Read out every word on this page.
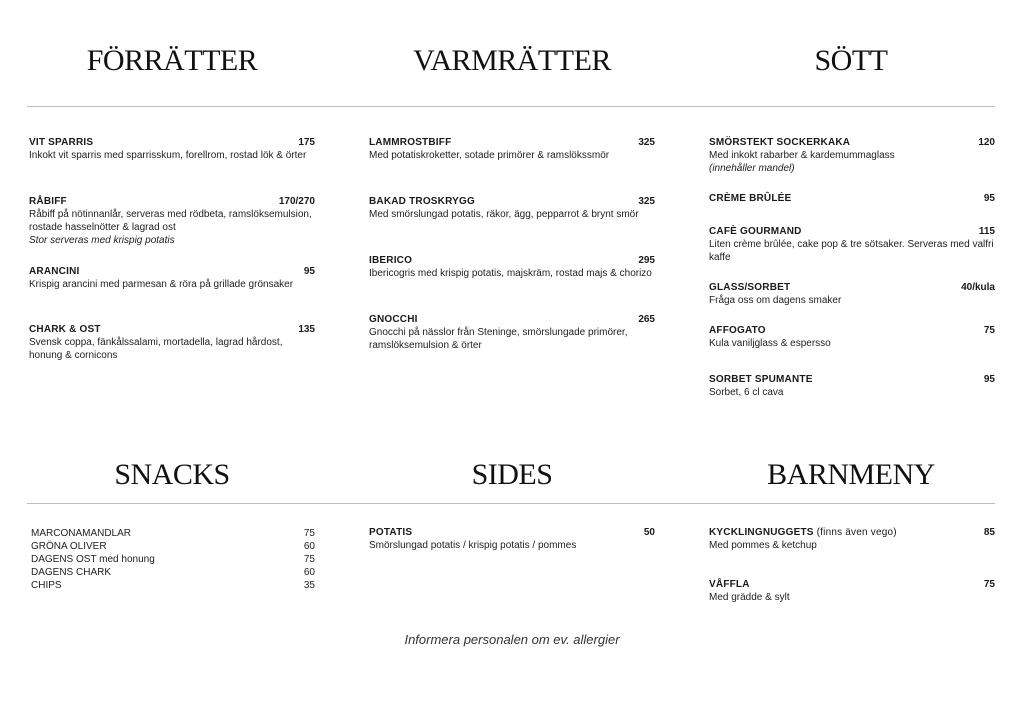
FÖRRÄTTER	VARMRÄTTER	SÖTT
VIT SPARRIS	175
Inkokt vit sparris med sparrisskum, forellrom, rostad lök & örter
RÅBIFF	170/270
Råbiff på nötinnanlår, serveras med rödbeta, ramslöksemulsion, rostade hasselnötter & lagrad ost
Stor serveras med krispig potatis
ARANCINI	95
Krispig arancini med parmesan & röra på grillade grönsaker
CHARK & OST	135
Svensk coppa, fänkålssalami, mortadella, lagrad hårdost, honung & cornicons
LAMMROSTBIFF	325
Med potatiskroketter, sotade primörer & ramslökssmör
BAKAD TROSKRYGG	325
Med smörslungad potatis, räkor, ägg, pepparrot & brynt smör
IBERICO	295
Ibericogris med krispig potatis, majskräm, rostad majs & chorizo
GNOCCHI	265
Gnocchi på nässlor från Steninge, smörslungade primörer, ramslöksemulsion & örter
SMÖRSTEKT SOCKERKAKA	120
Med inkokt rabarber & kardemummaglass
(innehåller mandel)
CRÈME BRÛLÉE	95
CAFÈ GOURMAND	115
Liten crème brûlée, cake pop & tre sötsaker. Serveras med valfri kaffe
GLASS/SORBET	40/kula
Fråga oss om dagens smaker
AFFOGATO	75
Kula vaniljglass & espersso
SORBET SPUMANTE	95
Sorbet, 6 cl cava
SNACKS	SIDES	BARNMENY
MARCONAMANDLAR	75
GRÖNA OLIVER	60
DAGENS OST med honung	75
DAGENS CHARK	60
CHIPS	35
POTATIS	50
Smörslungad potatis / krispig potatis / pommes
KYCKLINGNUGGETS (finns även vego)	85
Med pommes & ketchup
VÅFFLA	75
Med grädde & sylt
Informera personalen om ev. allergier
